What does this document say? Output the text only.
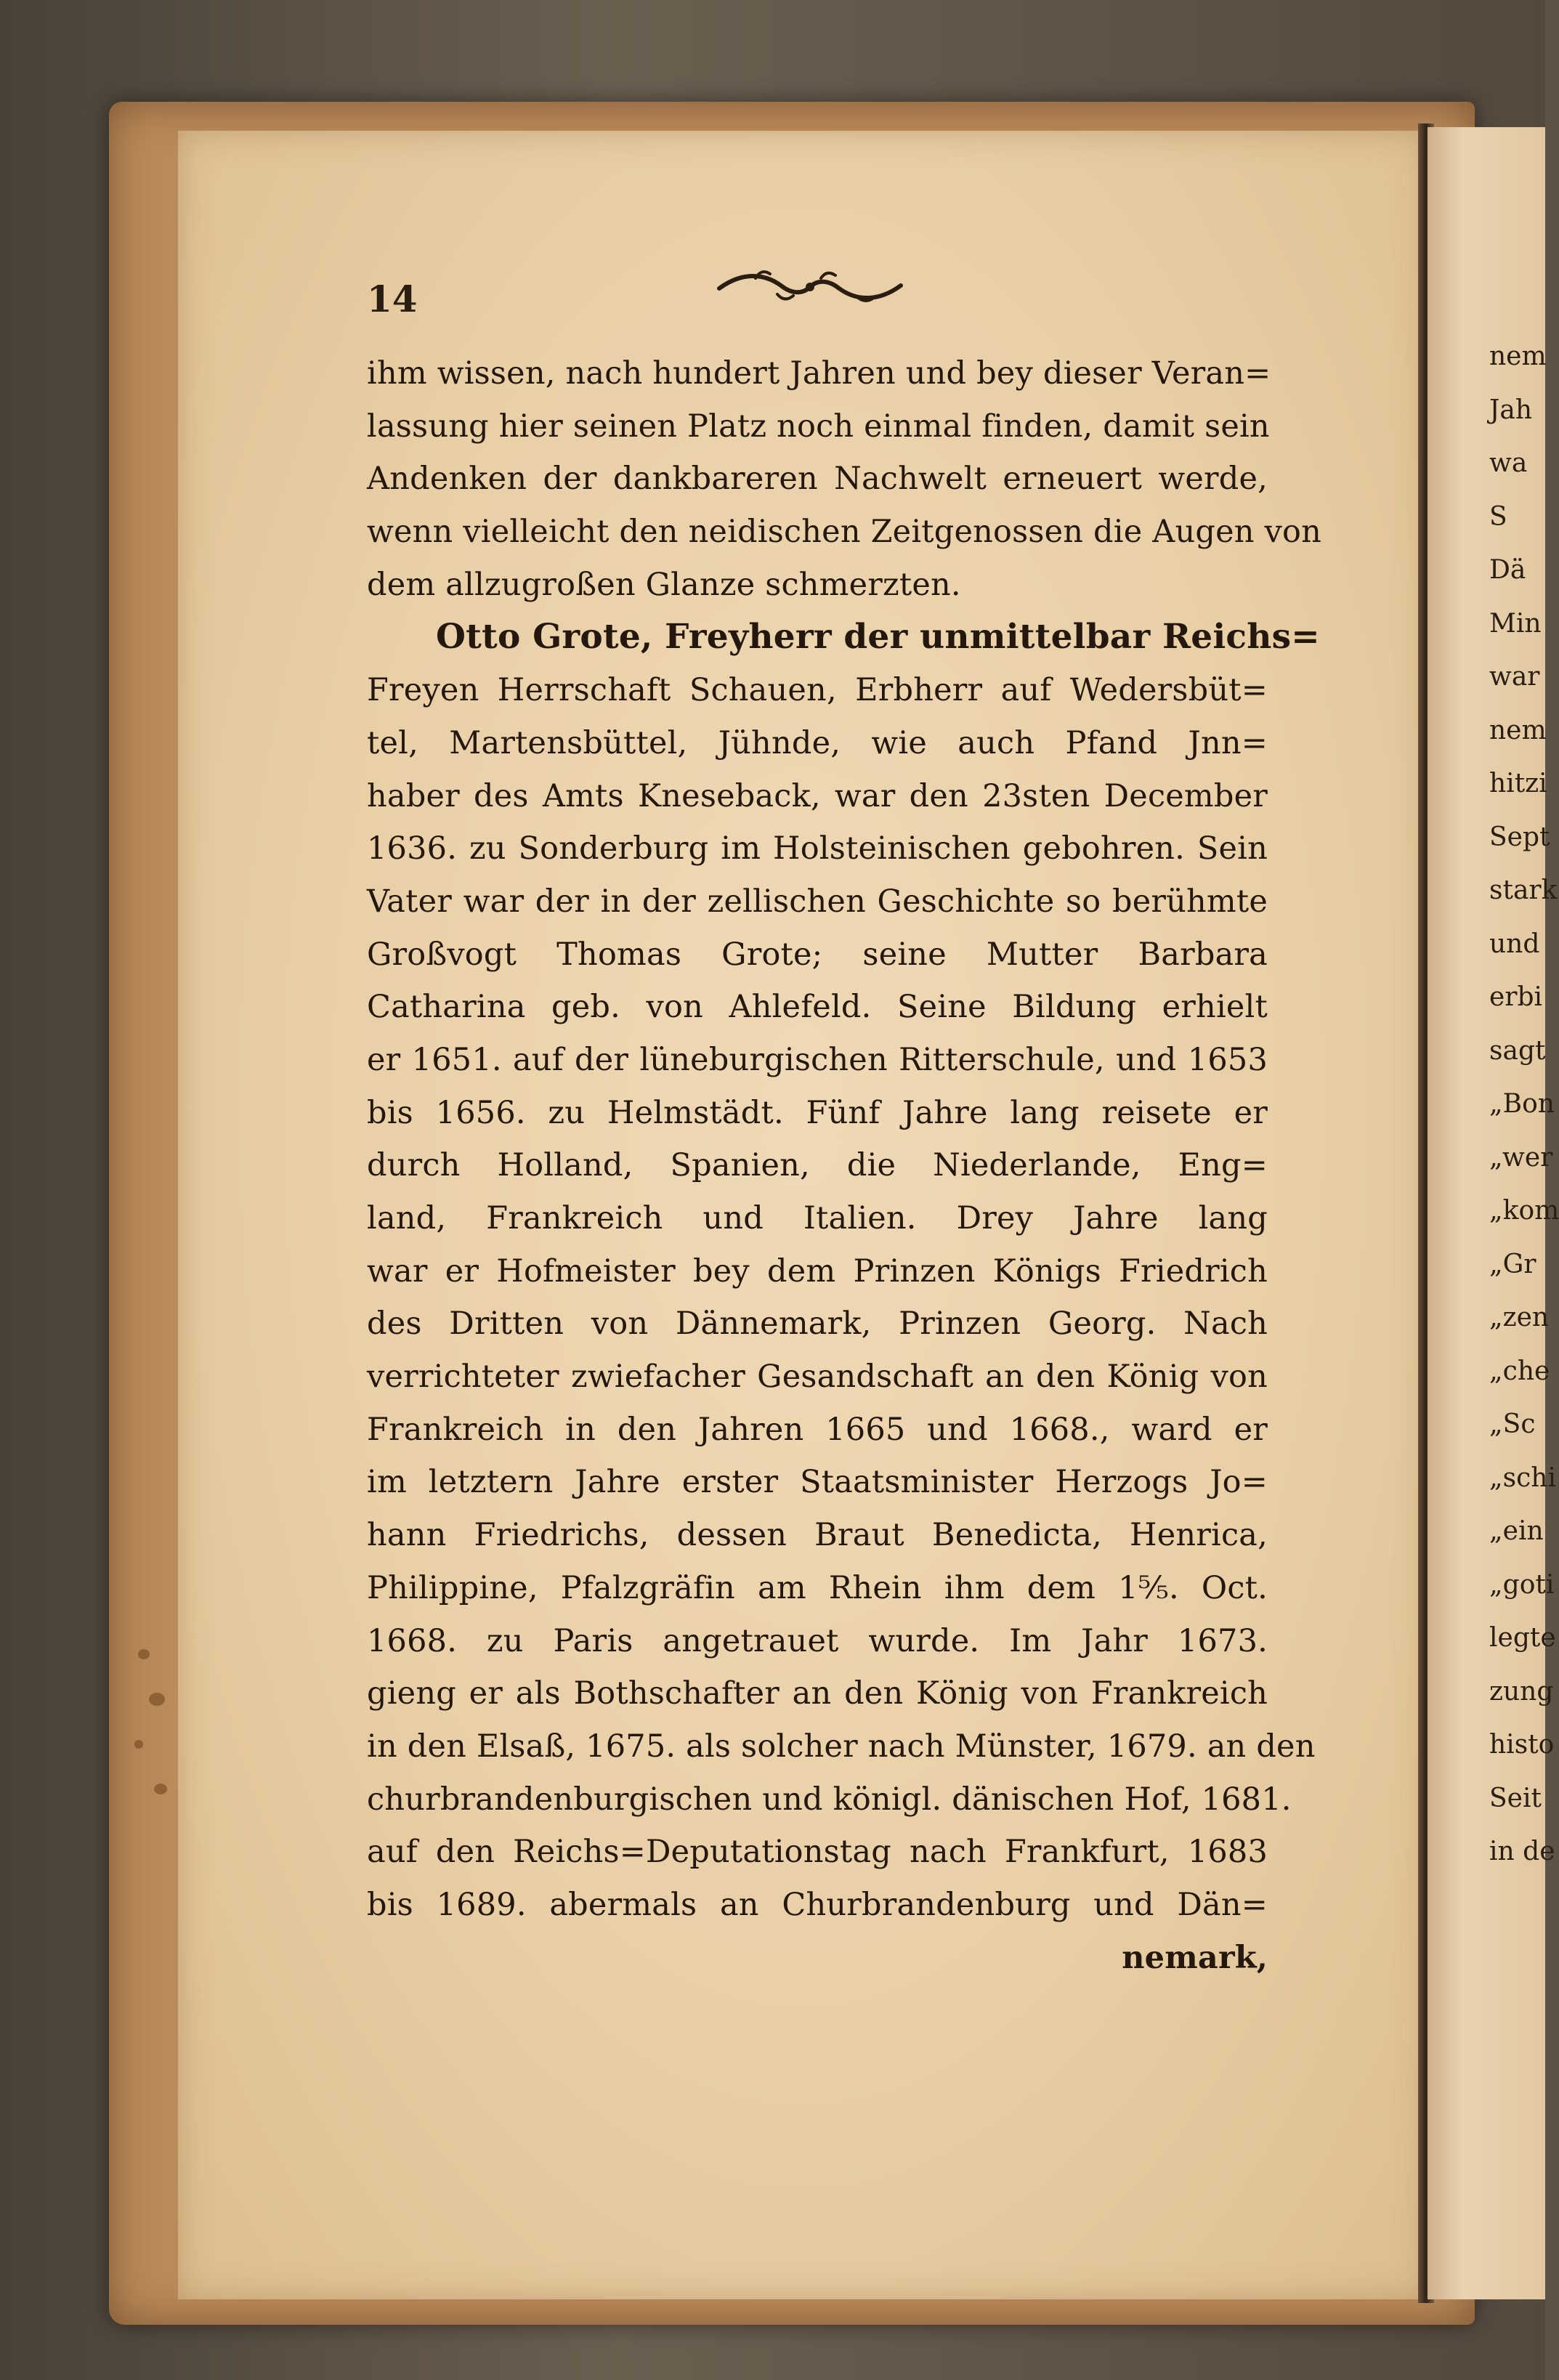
14
ihm wissen, nach hundert Jahren und bey dieser Veran=
lassung hier seinen Platz noch einmal finden, damit sein
Andenken der dankbareren Nachwelt erneuert werde,
wenn vielleicht den neidischen Zeitgenossen die Augen von
dem allzugroßen Glanze schmerzten.
Otto Grote, Freyherr der unmittelbar Reichs=
Freyen Herrschaft Schauen, Erbherr auf Wedersbüt=
tel, Martensbüttel, Jühnde, wie auch Pfand Jnn=
haber des Amts Kneseback, war den 23sten December
1636. zu Sonderburg im Holsteinischen gebohren. Sein
Vater war der in der zellischen Geschichte so berühmte
Großvogt Thomas Grote; seine Mutter Barbara
Catharina geb. von Ahlefeld. Seine Bildung erhielt
er 1651. auf der lüneburgischen Ritterschule, und 1653
bis 1656. zu Helmstädt. Fünf Jahre lang reisete er
durch Holland, Spanien, die Niederlande, Eng=
land, Frankreich und Italien. Drey Jahre lang
war er Hofmeister bey dem Prinzen Königs Friedrich
des Dritten von Dännemark, Prinzen Georg. Nach
verrichteter zwiefacher Gesandschaft an den König von
Frankreich in den Jahren 1665 und 1668., ward er
im letztern Jahre erster Staatsminister Herzogs Jo=
hann Friedrichs, dessen Braut Benedicta, Henrica,
Philippine, Pfalzgräfin am Rhein ihm dem 1⁵⁄₅. Oct.
1668. zu Paris angetrauet wurde. Im Jahr 1673.
gieng er als Bothschafter an den König von Frankreich
in den Elsaß, 1675. als solcher nach Münster, 1679. an den
churbrandenburgischen und königl. dänischen Hof, 1681.
auf den Reichs=Deputationstag nach Frankfurt, 1683
bis 1689. abermals an Churbrandenburg und Dän=
nemark,
nem
Jah
wa
S
Dä
Min
war
nem
hitzi
Sept
stark
und
erbi
sagt
„Bon
„wer
„kom
„Gr
„zen
„che
„Sc
„schi
„ein
„goti
legte
zung
histo
Seit
in de
